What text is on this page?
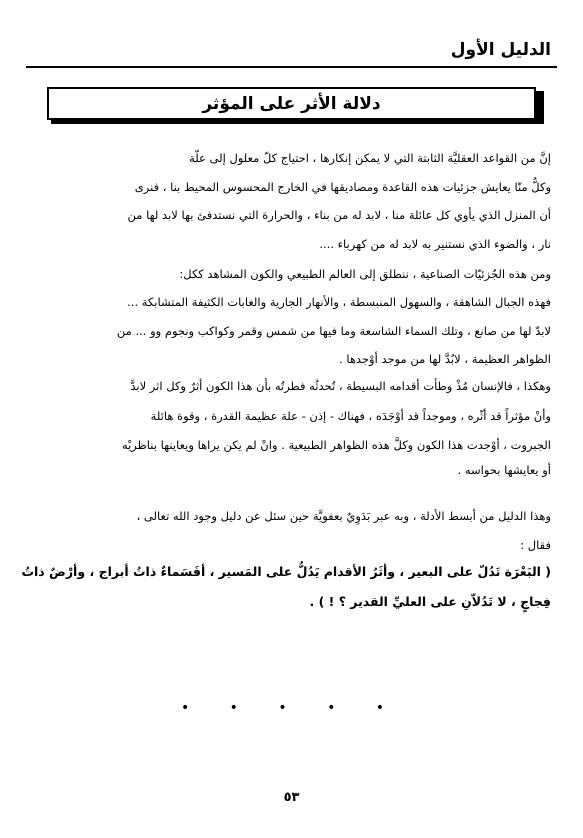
الدليل الأول
دلالة الأثر على المؤثر
إنَّ من القواعد العقليَّة الثابتة التي لا يمكن إنكارها ، احتياج كلّ معلول إلى علّة
وكلُّ منّا يعايش جزئيات هذه القاعدة ومصاديقها في الخارج المحسوس المحيط بنا ، فنرى
أن المنزل الذي يأوي كل عائلة منا ، لابد له من بناء ، والحرارة التي نستدفئ بها لابد لها من
نار ، والضوء الذي نستنير به لابد له من كهرباء ....
ومن هذه الجُزئيّات الصناعية ، ننطلق إلى العالم الطبيعي والكون المشاهد ككل:
فهذه الجبال الشاهقة ، والسهول المنبسطة ، والأنهار الجارية والغابات الكثيفة المتشابكة ...
لابدّ لها من صانع ، وتلك السماء الشاسعة وما فيها من شمس وقمر وكواكب ونجوم وو ... من
الظواهر العظيمة ، لابُدَّ لها من موجد أوْجدها .
وهكذا ، فالإنسان مُذْ وطأت أقدامه البسيطة ، تُحدثُه فطرتُه بأن هذا الكون أثرٌ وكل اثر لابدَّ
وأنْ مؤثراً قد أثّره ، وموجداً قد أوْجَدَه ، فهناك - إذن - علة عظيمة القدرة ، وقوة هائلة
الجبروت ، أوْجدت هذا الكون وكلَّ هذه الظواهر الطبيعية . وانْ لم يكن يراها ويعاينها بناظريْه
أو يعايشها بحواسه .
وهذا الدليل من أبسط الأدلة ، وبه عبر بَدَوِيٌ بعفويَّة حين سئل عن دليل وجود الله تعالى ،
فقال :
( البَعْرَة تَدُلّ على البعير ، وأثَرُ الأقدام يَدُلُّ على المَسير ، أفَسَماءٌ ذاتُ أبراج ، وأرْضٌ ذاتُ
فِجاجٍ ، لا تَدُلاّنِ على العليِّ القدير ؟ ! ) .
• • • • •
٥٣
